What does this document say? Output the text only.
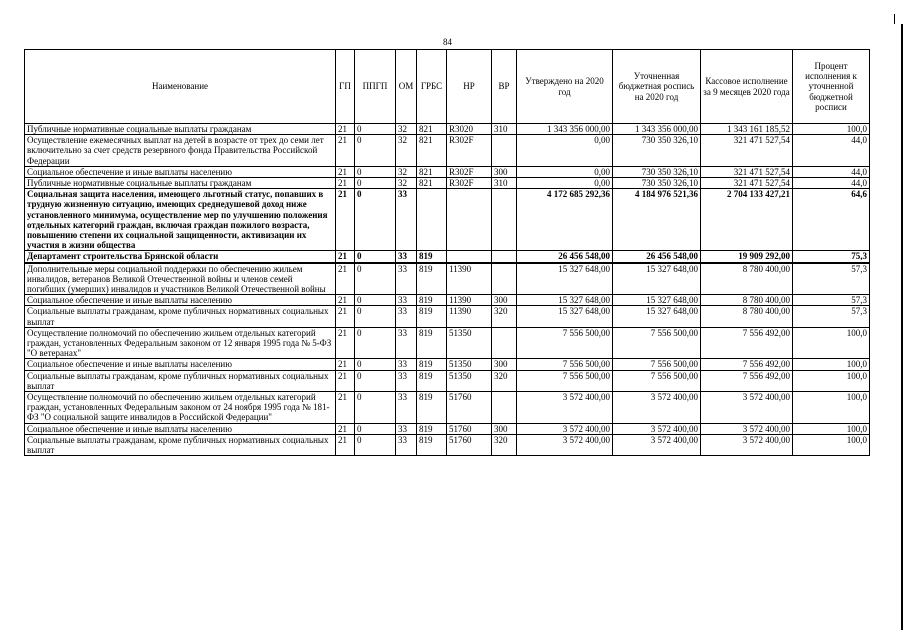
84
Наименование	ГП	ППГП	ОМ	ГРБС	НР	ВР	Утверждено на 2020 год	Уточненная бюджетная роспись на 2020 год	Кассовое исполнение за 9 месяцев 2020 года	Процент исполнения к уточненной бюджетной росписи
Публичные нормативные социальные выплаты гражданам	21	0	32	821	R3020	310	1 343 356 000,00	1 343 356 000,00	1 343 161 185,52	100,0
Осуществление ежемесячных выплат на детей в возрасте от трех до семи лет включительно за счет средств резервного фонда Правительства Российской Федерации	21	0	32	821	R302F		0,00	730 350 326,10	321 471 527,54	44,0
Социальное обеспечение и иные выплаты населению	21	0	32	821	R302F	300	0,00	730 350 326,10	321 471 527,54	44,0
Публичные нормативные социальные выплаты гражданам	21	0	32	821	R302F	310	0,00	730 350 326,10	321 471 527,54	44,0
Социальная защита населения, имеющего льготный статус, попавших в трудную жизненную ситуацию, имеющих среднедушевой доход ниже установленного минимума, осуществление мер по улучшению положения отдельных категорий граждан, включая граждан пожилого возраста, повышению степени их социальной защищенности, активизации их участия в жизни общества	21	0	33				4 172 685 292,36	4 184 976 521,36	2 704 133 427,21	64,6
Департамент строительства Брянской области	21	0	33	819			26 456 548,00	26 456 548,00	19 909 292,00	75,3
Дополнительные меры социальной поддержки по обеспечению жильем инвалидов, ветеранов Великой Отечественной войны и членов семей погибших (умерших) инвалидов и участников Великой Отечественной войны	21	0	33	819	11390		15 327 648,00	15 327 648,00	8 780 400,00	57,3
Социальное обеспечение и иные выплаты населению	21	0	33	819	11390	300	15 327 648,00	15 327 648,00	8 780 400,00	57,3
Социальные выплаты гражданам, кроме публичных нормативных социальных выплат	21	0	33	819	11390	320	15 327 648,00	15 327 648,00	8 780 400,00	57,3
Осуществление полномочий по обеспечению жильем отдельных категорий граждан, установленных Федеральным законом от 12 января 1995 года № 5-ФЗ "О ветеранах"	21	0	33	819	51350		7 556 500,00	7 556 500,00	7 556 492,00	100,0
Социальное обеспечение и иные выплаты населению	21	0	33	819	51350	300	7 556 500,00	7 556 500,00	7 556 492,00	100,0
Социальные выплаты гражданам, кроме публичных нормативных социальных выплат	21	0	33	819	51350	320	7 556 500,00	7 556 500,00	7 556 492,00	100,0
Осуществление полномочий по обеспечению жильем отдельных категорий граждан, установленных Федеральным законом от 24 ноября 1995 года № 181-ФЗ "О социальной защите инвалидов в Российской Федерации"	21	0	33	819	51760		3 572 400,00	3 572 400,00	3 572 400,00	100,0
Социальное обеспечение и иные выплаты населению	21	0	33	819	51760	300	3 572 400,00	3 572 400,00	3 572 400,00	100,0
Социальные выплаты гражданам, кроме публичных нормативных социальных выплат	21	0	33	819	51760	320	3 572 400,00	3 572 400,00	3 572 400,00	100,0
